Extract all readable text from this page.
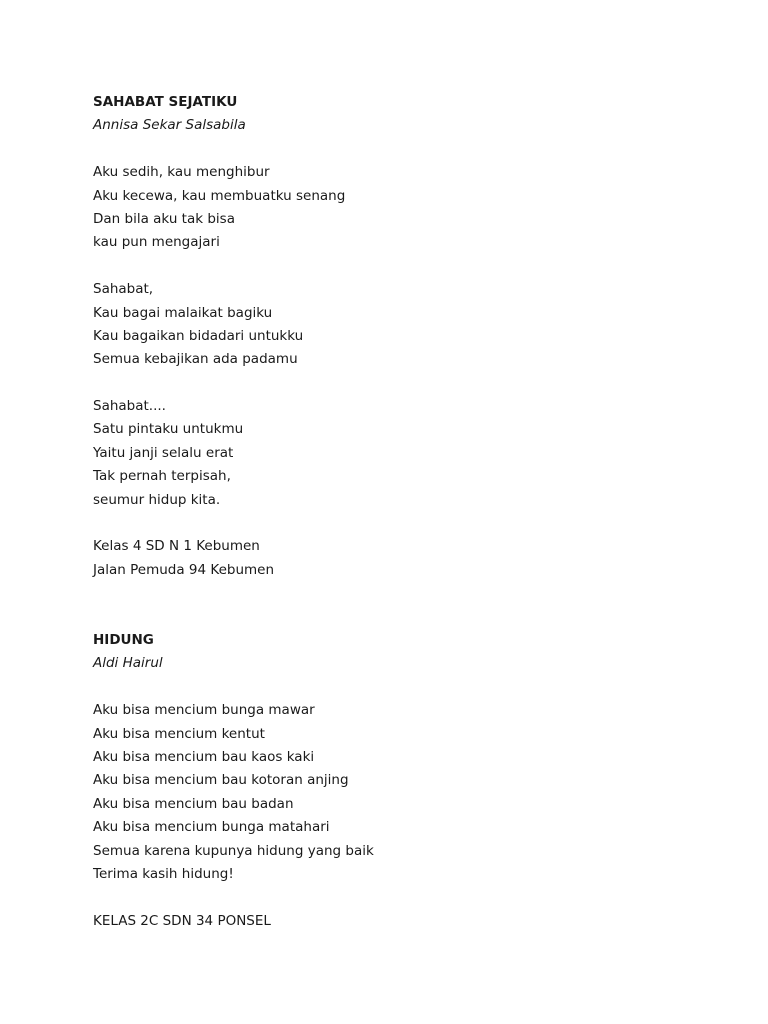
SAHABAT SEJATIKU
Annisa Sekar Salsabila
Aku sedih, kau menghibur
Aku kecewa, kau membuatku senang
Dan bila aku tak bisa
kau pun mengajari
Sahabat,
Kau bagai malaikat bagiku
Kau bagaikan bidadari untukku
Semua kebajikan ada padamu
Sahabat....
Satu pintaku untukmu
Yaitu janji selalu erat
Tak pernah terpisah,
seumur hidup kita.
Kelas 4 SD N 1 Kebumen
Jalan Pemuda 94 Kebumen
HIDUNG
Aldi Hairul
Aku bisa mencium bunga mawar
Aku bisa mencium kentut
Aku bisa mencium bau kaos kaki
Aku bisa mencium bau kotoran anjing
Aku bisa mencium bau badan
Aku bisa mencium bunga matahari
Semua karena kupunya hidung yang baik
Terima kasih hidung!
KELAS 2C SDN 34 PONSEL
